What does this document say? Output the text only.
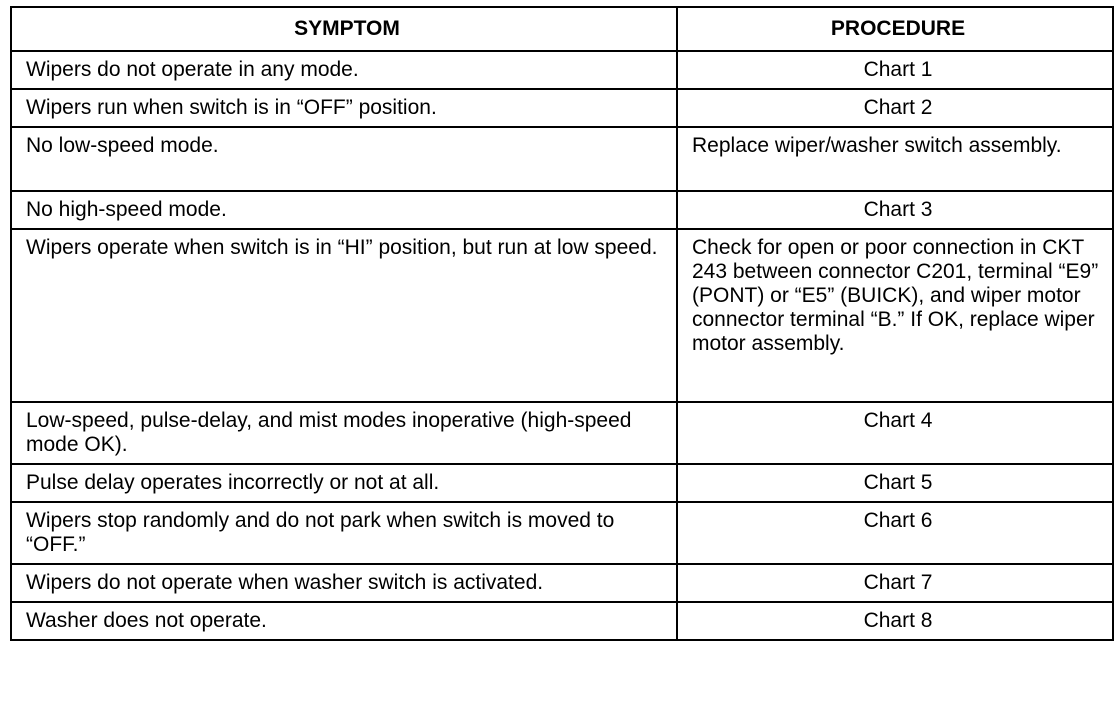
SYMPTOM	PROCEDURE
Wipers do not operate in any mode.	Chart 1
Wipers run when switch is in “OFF” position.	Chart 2
No low-speed mode.	Replace wiper/washer switch assembly.
No high-speed mode.	Chart 3
Wipers operate when switch is in “HI” position, but run at low speed.	Check for open or poor connection in CKT 243 between connector C201, terminal “E9” (PONT) or “E5” (BUICK), and wiper motor connector terminal “B.” If OK, replace wiper motor assembly.
Low-speed, pulse-delay, and mist modes inoperative (high-speed mode OK).	Chart 4
Pulse delay operates incorrectly or not at all.	Chart 5
Wipers stop randomly and do not park when switch is moved to “OFF.”	Chart 6
Wipers do not operate when washer switch is activated.	Chart 7
Washer does not operate.	Chart 8
